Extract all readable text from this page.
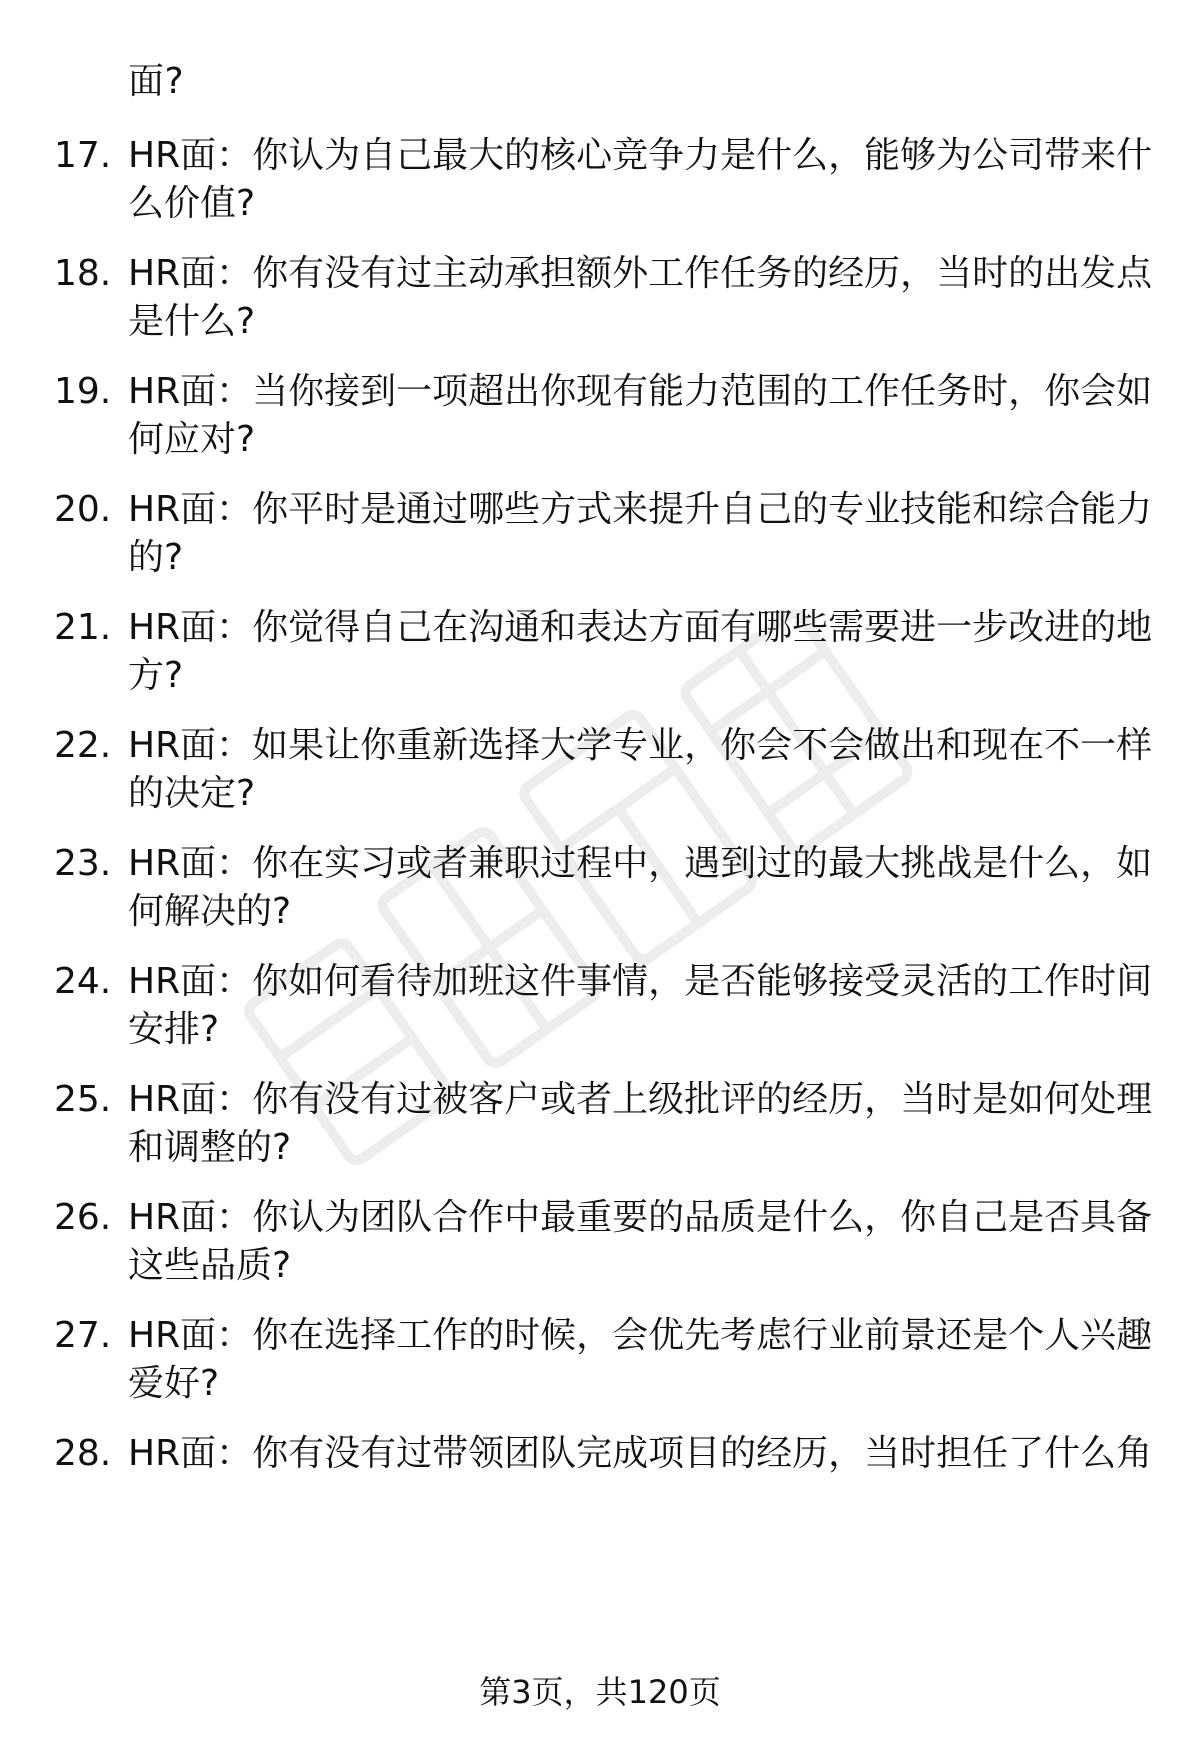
面?
17. HR面：你认为自己最大的核心竞争力是什么，能够为公司带来什
么价值?
18. HR面：你有没有过主动承担额外工作任务的经历，当时的出发点
是什么?
19. HR面：当你接到一项超出你现有能力范围的工作任务时，你会如
何应对?
20. HR面：你平时是通过哪些方式来提升自己的专业技能和综合能力
的?
21. HR面：你觉得自己在沟通和表达方面有哪些需要进一步改进的地
方?
22. HR面：如果让你重新选择大学专业，你会不会做出和现在不一样
的决定?
23. HR面：你在实习或者兼职过程中，遇到过的最大挑战是什么，如
何解决的?
24. HR面：你如何看待加班这件事情，是否能够接受灵活的工作时间
安排?
25. HR面：你有没有过被客户或者上级批评的经历，当时是如何处理
和调整的?
26. HR面：你认为团队合作中最重要的品质是什么，你自己是否具备
这些品质?
27. HR面：你在选择工作的时候，会优先考虑行业前景还是个人兴趣
爱好?
28. HR面：你有没有过带领团队完成项目的经历，当时担任了什么角
第3页，共120页
